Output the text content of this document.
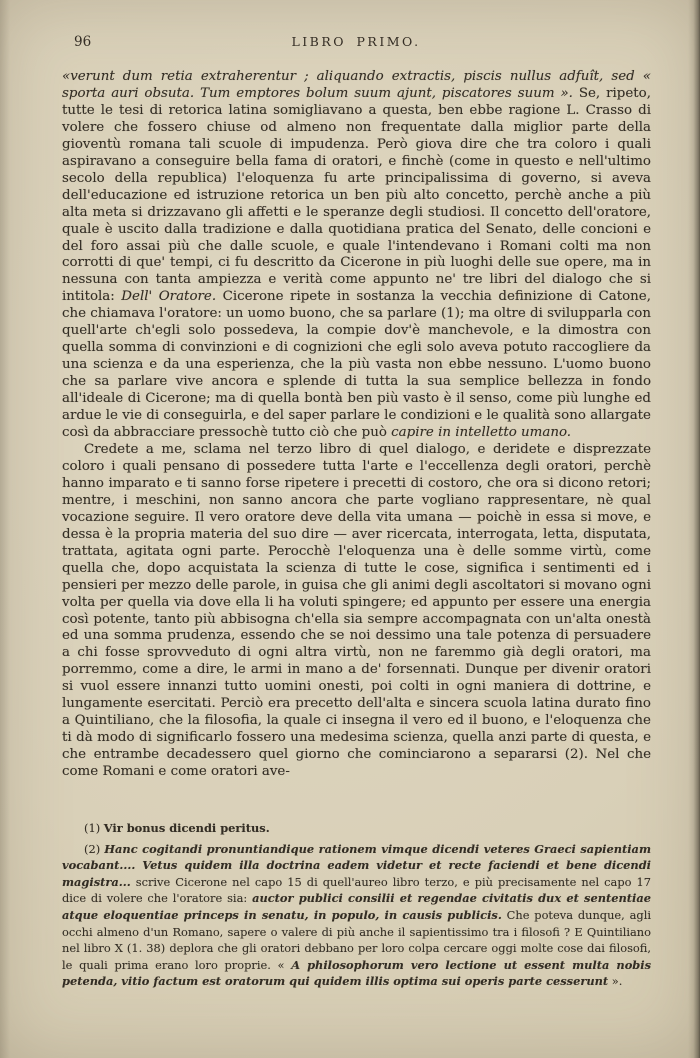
96	LIBRO PRIMO.

«verunt dum retia extraherentur ; aliquando extractis, piscis nullus adfuît, sed « sporta auri obsuta. Tum emptores bolum suum ajunt, piscatores suum ». Se, ripeto, tutte le tesi di retorica latina somigliavano a questa, ben ebbe ragione L. Crasso di volere che fossero chiuse od almeno non frequentate dalla miglior parte della gioventù romana tali scuole di impudenza. Però giova dire che tra coloro i quali aspiravano a conseguire bella fama di oratori, e finchè (come in questo e nell'ultimo secolo della republica) l'eloquenza fu arte principalissima di governo, si aveva dell'educazione ed istruzione retorica un ben più alto concetto, perchè anche a più alta meta si drizzavano gli affetti e le speranze degli studiosi. Il concetto dell'oratore, quale è uscito dalla tradizione e dalla quotidiana pratica del Senato, delle concioni e del foro assai più che dalle scuole, e quale l'intendevano i Romani colti ma non corrotti di que' tempi, ci fu descritto da Cicerone in più luoghi delle sue opere, ma in nessuna con tanta ampiezza e verità come appunto ne' tre libri del dialogo che si intitola: Dell' Oratore. Cicerone ripete in sostanza la vecchia definizione di Catone, che chiamava l'oratore: un uomo buono, che sa parlare (1); ma oltre di svilupparla con quell'arte ch'egli solo possedeva, la compie dov'è manchevole, e la dimostra con quella somma di convinzioni e di cognizioni che egli solo aveva potuto raccogliere da una scienza e da una esperienza, che la più vasta non ebbe nessuno. L'uomo buono che sa parlare vive ancora e splende di tutta la sua semplice bellezza in fondo all'ideale di Cicerone; ma di quella bontà ben più vasto è il senso, come più lunghe ed ardue le vie di conseguirla, e del saper parlare le condizioni e le qualità sono allargate così da abbracciare pressochè tutto ciò che può capire in intelletto umano.

Credete a me, sclama nel terzo libro di quel dialogo, e deridete e disprezzate coloro i quali pensano di possedere tutta l'arte e l'eccellenza degli oratori, perchè hanno imparato e ti sanno forse ripetere i precetti di costoro, che ora si dicono retori; mentre, i meschini, non sanno ancora che parte vogliano rappresentare, nè qual vocazione seguire. Il vero oratore deve della vita umana — poichè in essa si move, e dessa è la propria materia del suo dire — aver ricercata, interrogata, letta, disputata, trattata, agitata ogni parte. Perocchè l'eloquenza una è delle somme virtù, come quella che, dopo acquistata la scienza di tutte le cose, significa i sentimenti ed i pensieri per mezzo delle parole, in guisa che gli animi degli ascoltatori si movano ogni volta per quella via dove ella li ha voluti spingere; ed appunto per essere una energia così potente, tanto più abbisogna ch'ella sia sempre accompagnata con un'alta onestà ed una somma prudenza, essendo che se noi dessimo una tale potenza di persuadere a chi fosse sprovveduto di ogni altra virtù, non ne faremmo già degli oratori, ma porremmo, come a dire, le armi in mano a de' forsennati. Dunque per divenir oratori si vuol essere innanzi tutto uomini onesti, poi colti in ogni maniera di dottrine, e lungamente esercitati. Perciò era precetto dell'alta e sincera scuola latina durato fino a Quintiliano, che la filosofia, la quale ci insegna il vero ed il buono, e l'eloquenza che ti dà modo di significarlo fossero una medesima scienza, quella anzi parte di questa, e che entrambe decadessero quel giorno che cominciarono a separarsi (2). Nel che come Romani e come oratori ave-

(1) Vir bonus dicendi peritus.

(2) Hanc cogitandi pronuntiandique rationem vimque dicendi veteres Graeci sapientiam vocabant.... Vetus quidem illa doctrina eadem videtur et recte faciendi et bene dicendi magistra... scrive Cicerone nel capo 15 di quell'aureo libro terzo, e più precisamente nel capo 17 dice di volere che l'oratore sia: auctor publici consilii et regendae civitatis dux et sententiae atque eloquentiae princeps in senatu, in populo, in causis publicis. Che poteva dunque, agli occhi almeno d'un Romano, sapere o valere di più anche il sapientissimo tra i filosofi ? E Quintiliano nel libro X (1. 38) deplora che gli oratori debbano per loro colpa cercare oggi molte cose dai filosofi, le quali prima erano loro proprie. « A philosophorum vero lectione ut essent multa nobis petenda, vitio factum est oratorum qui quidem illis optima sui operis parte cesserunt ».
